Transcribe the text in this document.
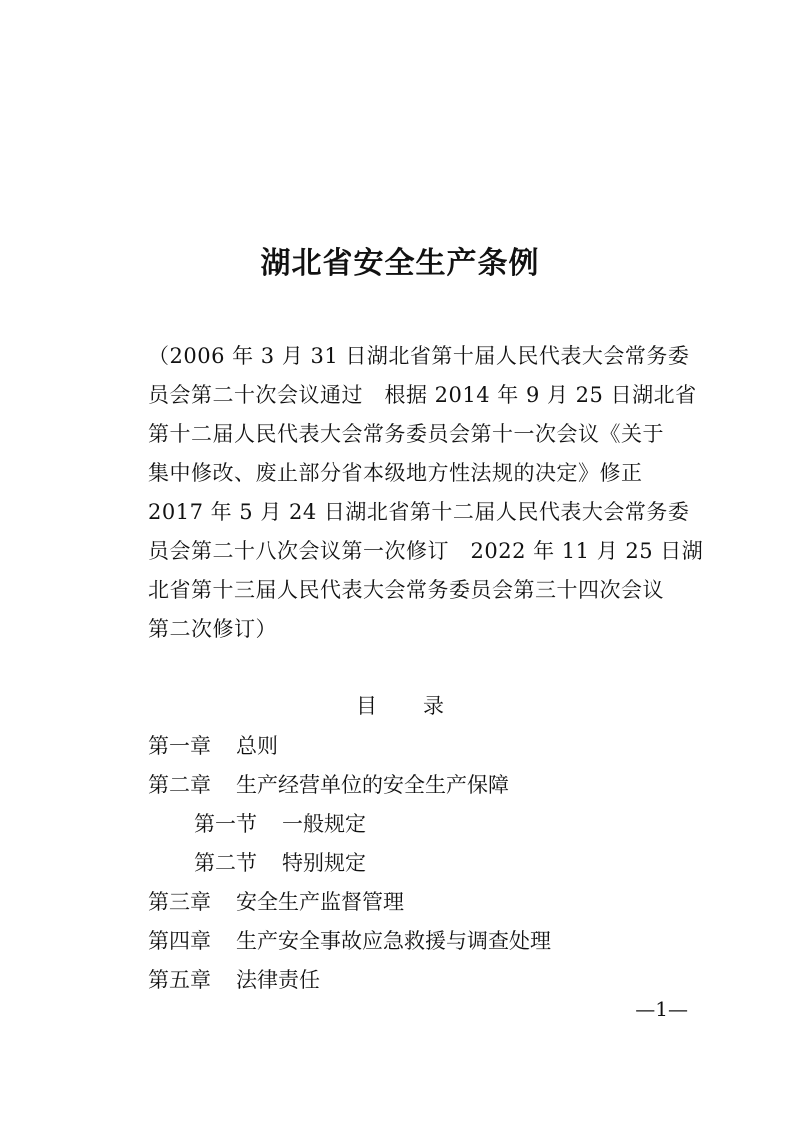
湖北省安全生产条例
（2006 年 3 月 31 日湖北省第十届人民代表大会常务委
员会第二十次会议通过　根据 2014 年 9 月 25 日湖北省
第十二届人民代表大会常务委员会第十一次会议《关于
集中修改、废止部分省本级地方性法规的决定》修正
2017 年 5 月 24 日湖北省第十二届人民代表大会常务委
员会第二十八次会议第一次修订　2022 年 11 月 25 日湖
北省第十三届人民代表大会常务委员会第三十四次会议
第二次修订）
目 录
第一章 总则
第二章 生产经营单位的安全生产保障
第一节 一般规定
第二节 特别规定
第三章 安全生产监督管理
第四章 生产安全事故应急救援与调查处理
第五章 法律责任
—1—
